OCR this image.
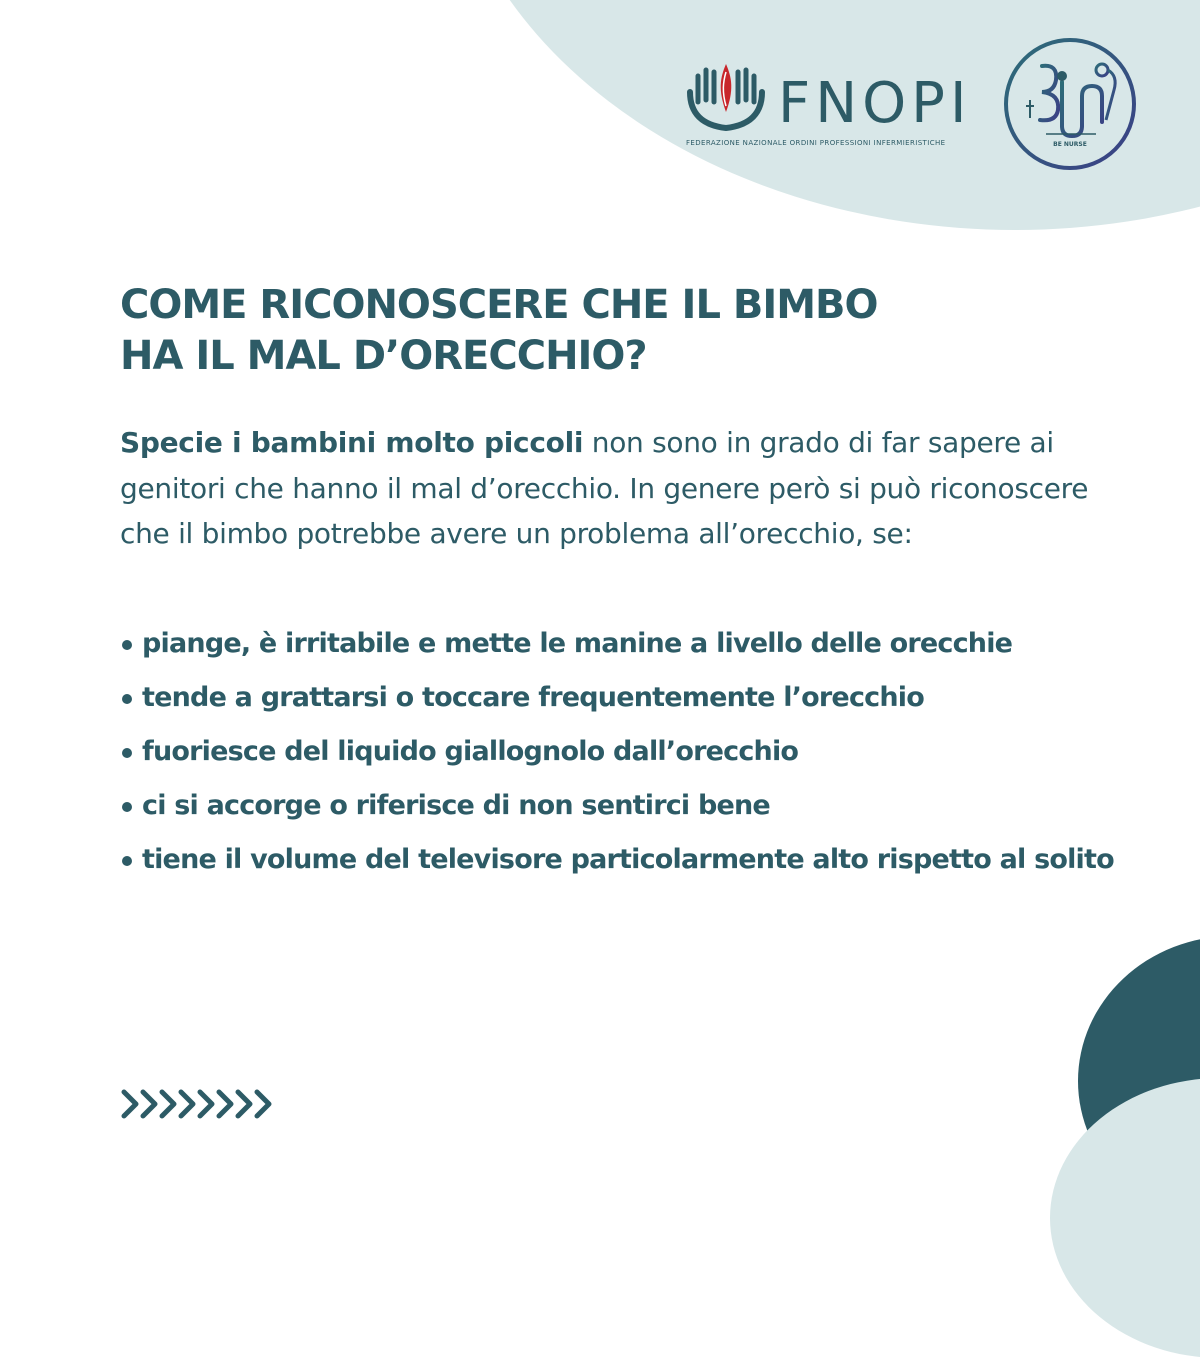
FNOPI
FEDERAZIONE NAZIONALE ORDINI PROFESSIONI INFERMIERISTICHE	BE NURSE
COME RICONOSCERE CHE IL BIMBO
HA IL MAL D’ORECCHIO?

Specie i bambini molto piccoli non sono in grado di far sapere ai genitori che hanno il mal d’orecchio. In genere però si può riconoscere che il bimbo potrebbe avere un problema all’orecchio, se:

piange, è irritabile e mette le manine a livello delle orecchie
tende a grattarsi o toccare frequentemente l’orecchio
fuoriesce del liquido giallognolo dall’orecchio
ci si accorge o riferisce di non sentirci bene
tiene il volume del televisore particolarmente alto rispetto al solito
